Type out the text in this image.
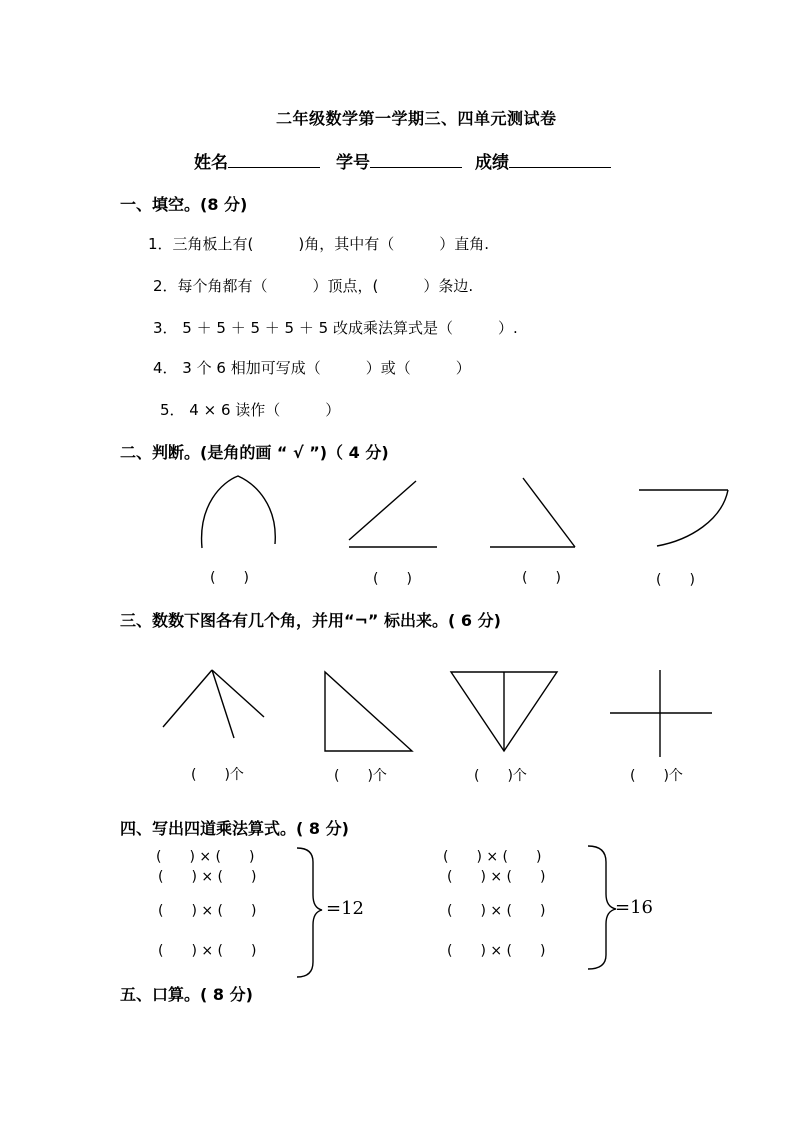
二年级数学第一学期三、四单元测试卷
姓名	学号	成绩
一、填空。(8 分)
1．三角板上有(　　　)角，其中有（　　　）直角.
2．每个角都有（　　　）顶点，(　　　）条边.
3． 5 ＋ 5 ＋ 5 ＋ 5 ＋ 5 改成乘法算式是（　　　）.
4． 3 个 6 相加可写成（　　　）或（　　　）
5． 4 × 6 读作（　　　）
二、判断。(是角的画 “ √ ”)（ 4 分)
(　　)	(　　)	(　　)	(　　)
三、数数下图各有几个角，并用“¬” 标出来。( 6 分)
(　　)个	(　　)个	(　　)个	(　　)个
四、写出四道乘法算式。( 8 分)
(　　) × (　　)
(　　) × (　　)
(　　) × (　　)
(　　) × (　　)
=12
(　　) × (　　)
(　　) × (　　)
(　　) × (　　)
(　　) × (　　)
=16
五、口算。( 8 分)
